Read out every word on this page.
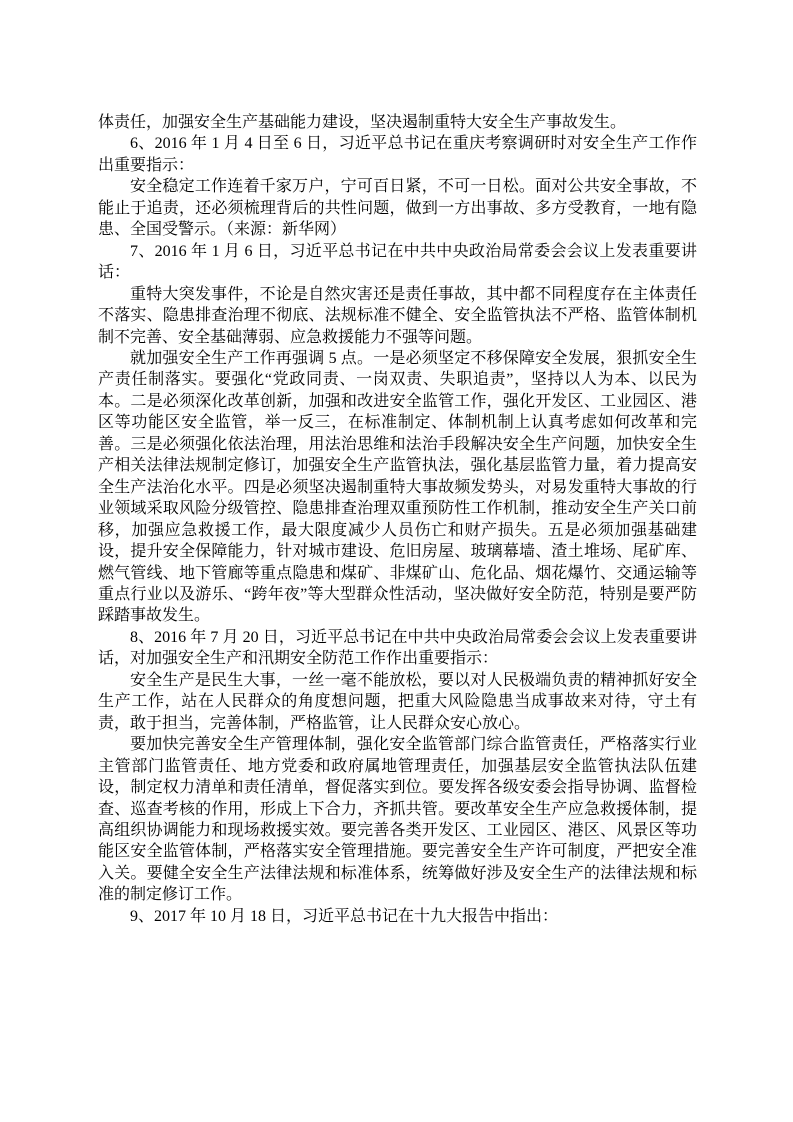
体责任，加强安全生产基础能力建设，坚决遏制重特大安全生产事故发生。

6、2016 年 1 月 4 日至 6 日，习近平总书记在重庆考察调研时对安全生产工作作出重要指示：

安全稳定工作连着千家万户，宁可百日紧，不可一日松。面对公共安全事故，不能止于追责，还必须梳理背后的共性问题，做到一方出事故、多方受教育，一地有隐患、全国受警示。（来源：新华网）

7、2016 年 1 月 6 日，习近平总书记在中共中央政治局常委会会议上发表重要讲话：

重特大突发事件，不论是自然灾害还是责任事故，其中都不同程度存在主体责任不落实、隐患排查治理不彻底、法规标准不健全、安全监管执法不严格、监管体制机制不完善、安全基础薄弱、应急救援能力不强等问题。

就加强安全生产工作再强调 5 点。一是必须坚定不移保障安全发展，狠抓安全生产责任制落实。要强化“党政同责、一岗双责、失职追责”，坚持以人为本、以民为本。二是必须深化改革创新，加强和改进安全监管工作，强化开发区、工业园区、港区等功能区安全监管，举一反三，在标准制定、体制机制上认真考虑如何改革和完善。三是必须强化依法治理，用法治思维和法治手段解决安全生产问题，加快安全生产相关法律法规制定修订，加强安全生产监管执法，强化基层监管力量，着力提高安全生产法治化水平。四是必须坚决遏制重特大事故频发势头，对易发重特大事故的行业领域采取风险分级管控、隐患排查治理双重预防性工作机制，推动安全生产关口前移，加强应急救援工作，最大限度减少人员伤亡和财产损失。五是必须加强基础建设，提升安全保障能力，针对城市建设、危旧房屋、玻璃幕墙、渣土堆场、尾矿库、燃气管线、地下管廊等重点隐患和煤矿、非煤矿山、危化品、烟花爆竹、交通运输等重点行业以及游乐、“跨年夜”等大型群众性活动，坚决做好安全防范，特别是要严防踩踏事故发生。

8、2016 年 7 月 20 日，习近平总书记在中共中央政治局常委会会议上发表重要讲话，对加强安全生产和汛期安全防范工作作出重要指示：

安全生产是民生大事，一丝一毫不能放松，要以对人民极端负责的精神抓好安全生产工作，站在人民群众的角度想问题，把重大风险隐患当成事故来对待，守土有责，敢于担当，完善体制，严格监管，让人民群众安心放心。

要加快完善安全生产管理体制，强化安全监管部门综合监管责任，严格落实行业主管部门监管责任、地方党委和政府属地管理责任，加强基层安全监管执法队伍建设，制定权力清单和责任清单，督促落实到位。要发挥各级安委会指导协调、监督检查、巡查考核的作用，形成上下合力，齐抓共管。要改革安全生产应急救援体制，提高组织协调能力和现场救援实效。要完善各类开发区、工业园区、港区、风景区等功能区安全监管体制，严格落实安全管理措施。要完善安全生产许可制度，严把安全准入关。要健全安全生产法律法规和标准体系，统筹做好涉及安全生产的法律法规和标准的制定修订工作。

9、2017 年 10 月 18 日，习近平总书记在十九大报告中指出：
